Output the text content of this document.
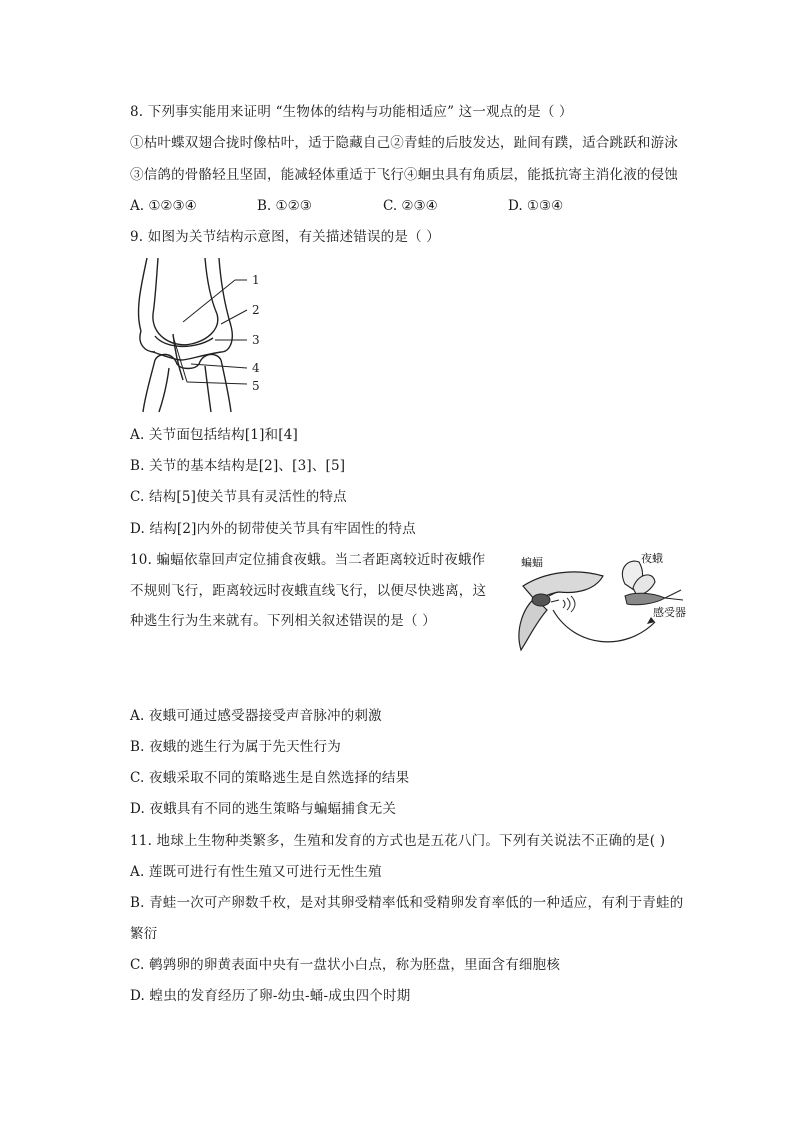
8. 下列事实能用来证明 “生物体的结构与功能相适应” 这一观点的是（ ）
①枯叶蝶双翅合拢时像枯叶，适于隐藏自己②青蛙的后肢发达，趾间有蹼，适合跳跃和游泳
③信鸽的骨骼轻且坚固，能减轻体重适于飞行④蛔虫具有角质层，能抵抗寄主消化液的侵蚀
A. ①②③④	B. ①②③	C. ②③④	D. ①③④
9. 如图为关节结构示意图，有关描述错误的是（ ）
1
2
3
4
5
A. 关节面包括结构[1]和[4]
B. 关节的基本结构是[2]、[3]、[5]
C. 结构[5]使关节具有灵活性的特点
D. 结构[2]内外的韧带使关节具有牢固性的特点
10. 蝙蝠依靠回声定位捕食夜蛾。当二者距离较近时夜蛾作
不规则飞行，距离较远时夜蛾直线飞行，以便尽快逃离，这
种逃生行为生来就有。下列相关叙述错误的是（ ）
蝙蝠	夜蛾
感受器
A. 夜蛾可通过感受器接受声音脉冲的刺激
B. 夜蛾的逃生行为属于先天性行为
C. 夜蛾采取不同的策略逃生是自然选择的结果
D. 夜蛾具有不同的逃生策略与蝙蝠捕食无关
11. 地球上生物种类繁多，生殖和发育的方式也是五花八门。下列有关说法不正确的是( )
A. 莲既可进行有性生殖又可进行无性生殖
B. 青蛙一次可产卵数千枚，是对其卵受精率低和受精卵发育率低的一种适应，有利于青蛙的
繁衍
C. 鹌鹑卵的卵黄表面中央有一盘状小白点，称为胚盘，里面含有细胞核
D. 蝗虫的发育经历了卵-幼虫-蛹-成虫四个时期
